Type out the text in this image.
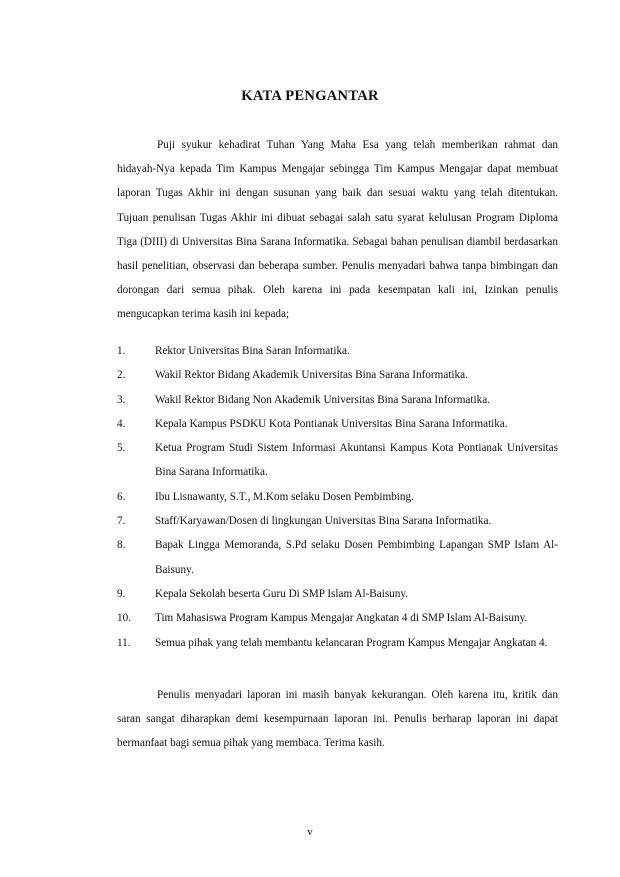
KATA PENGANTAR

Puji syukur kehadirat Tuhan Yang Maha Esa yang telah memberikan rahmat dan hidayah-Nya kepada Tim Kampus Mengajar sebingga Tim Kampus Mengajar dapat membuat laporan Tugas Akhir ini dengan susunan yang baik dan sesuai waktu yang telah ditentukan. Tujuan penulisan Tugas Akhir ini dibuat sebagai salah satu syarat kelulusan Program Diploma Tiga (DIII) di Universitas Bina Sarana Informatika. Sebagai bahan penulisan diambil berdasarkan hasil penelitian, observasi dan beberapa sumber. Penulis menyadari bahwa tanpa bimbingan dan dorongan dari semua pihak. Oleh karena ini pada kesempatan kali ini, Izinkan penulis mengucapkan terima kasih ini kepada;

1.	Rektor Universitas Bina Saran Informatika.
2.	Wakil Rektor Bidang Akademik Universitas Bina Sarana Informatika.
3.	Wakil Rektor Bidang Non Akademik Universitas Bina Sarana Informatika.
4.	Kepala Kampus PSDKU Kota Pontianak Universitas Bina Sarana Informatika.
5.	Ketua Program Studi Sistem Informasi Akuntansi Kampus Kota Pontianak Universitas Bina Sarana Informatika.
6.	Ibu Lisnawanty, S.T., M.Kom selaku Dosen Pembimbing.
7.	Staff/Karyawan/Dosen di lingkungan Universitas Bina Sarana Informatika.
8.	Bapak Lingga Memoranda, S.Pd selaku Dosen Pembimbing Lapangan SMP Islam Al-Baisuny.
9.	Kepala Sekolah beserta Guru Di SMP Islam Al-Baisuny.
10. Tim Mahasiswa Program Kampus Mengajar Angkatan 4 di SMP Islam Al-Baisuny.
11. Semua pihak yang telah membantu kelancaran Program Kampus Mengajar Angkatan 4.

Penulis menyadari laporan ini masih banyak kekurangan. Oleh karena itu, kritik dan saran sangat diharapkan demi kesempurnaan laporan ini. Penulis berharap laporan ini dapat bermanfaat bagi semua pihak yang membaca. Terima kasih.

v
